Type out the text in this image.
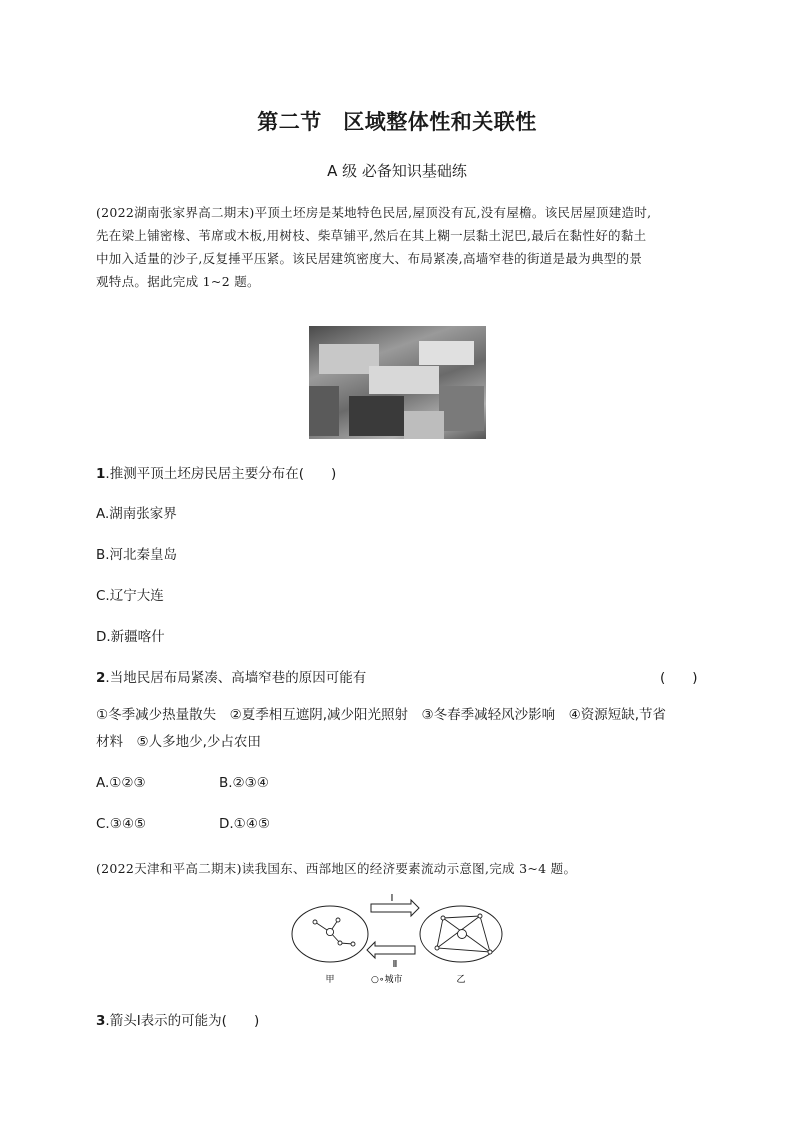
第二节　区域整体性和关联性
A 级 必备知识基础练
(2022湖南张家界高二期末)平顶土坯房是某地特色民居,屋顶没有瓦,没有屋檐。该民居屋顶建造时,
先在梁上铺密椽、苇席或木板,用树枝、柴草铺平,然后在其上糊一层黏土泥巴,最后在黏性好的黏土
中加入适量的沙子,反复捶平压紧。该民居建筑密度大、布局紧凑,高墙窄巷的街道是最为典型的景
观特点。据此完成 1~2 题。
1.推测平顶土坯房民居主要分布在(　　)
A.湖南张家界
B.河北秦皇岛
C.辽宁大连
D.新疆喀什
2.当地民居布局紧凑、高墙窄巷的原因可能有	(　　)
①冬季减少热量散失　②夏季相互遮阴,减少阳光照射　③冬春季减轻风沙影响　④资源短缺,节省
材料　⑤人多地少,少占农田
A.①②③	B.②③④
C.③④⑤	D.①④⑤
(2022天津和平高二期末)读我国东、西部地区的经济要素流动示意图,完成 3~4 题。
Ⅰ
Ⅱ
甲	○∘城市	乙
3.箭头Ⅰ表示的可能为(　　)
